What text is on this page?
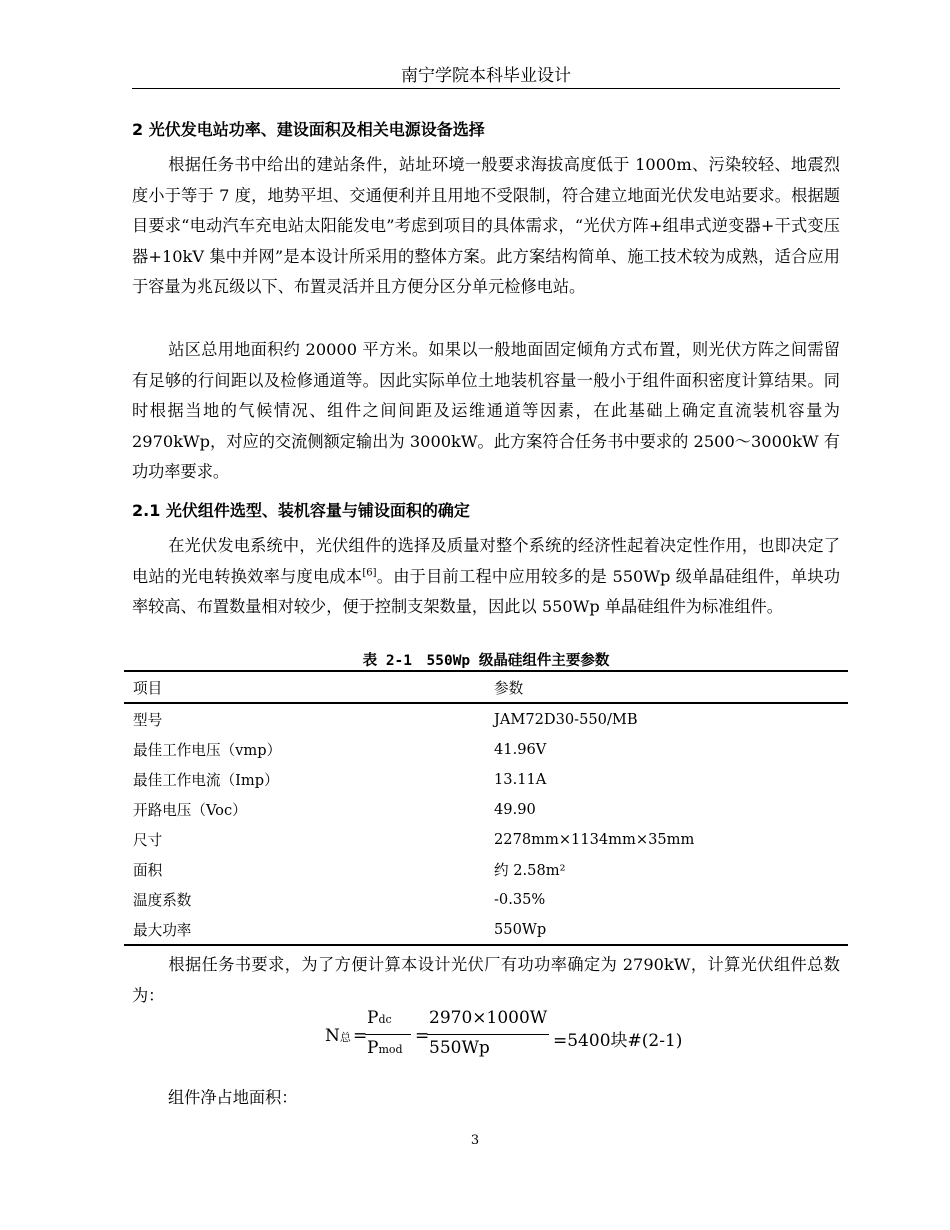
南宁学院本科毕业设计
2 光伏发电站功率、建设面积及相关电源设备选择

根据任务书中给出的建站条件，站址环境一般要求海拔高度低于 1000m、污染较轻、地震烈度小于等于 7 度，地势平坦、交通便利并且用地不受限制，符合建立地面光伏发电站要求。根据题目要求“电动汽车充电站太阳能发电”考虑到项目的具体需求，“光伏方阵+组串式逆变器+干式变压器+10kV 集中并网”是本设计所采用的整体方案。此方案结构简单、施工技术较为成熟，适合应用于容量为兆瓦级以下、布置灵活并且方便分区分单元检修电站。

站区总用地面积约 20000 平方米。如果以一般地面固定倾角方式布置，则光伏方阵之间需留有足够的行间距以及检修通道等。因此实际单位土地装机容量一般小于组件面积密度计算结果。同时根据当地的气候情况、组件之间间距及运维通道等因素，在此基础上确定直流装机容量为 2970kWp，对应的交流侧额定输出为 3000kW。此方案符合任务书中要求的 2500～3000kW 有功功率要求。

2.1 光伏组件选型、装机容量与铺设面积的确定

在光伏发电系统中，光伏组件的选择及质量对整个系统的经济性起着决定性作用，也即决定了电站的光电转换效率与度电成本[6]。由于目前工程中应用较多的是 550Wp 级单晶硅组件，单块功率较高、布置数量相对较少，便于控制支架数量，因此以 550Wp 单晶硅组件为标准组件。

表 2-1　550Wp 级晶硅组件主要参数
项目	参数
型号	JAM72D30-550/MB
最佳工作电压（vmp）	41.96V
最佳工作电流（Imp）	13.11A
开路电压（Voc）	49.90
尺寸	2278mm×1134mm×35mm
面积	约 2.58m²
温度系数	-0.35%
最大功率	550Wp

根据任务书要求，为了方便计算本设计光伏厂有功功率确定为 2790kW，计算光伏组件总数为：

N总 =
Pdc
Pmod
=
2970×1000W
550Wp	=5400块#(2-1)

组件净占地面积：

3
